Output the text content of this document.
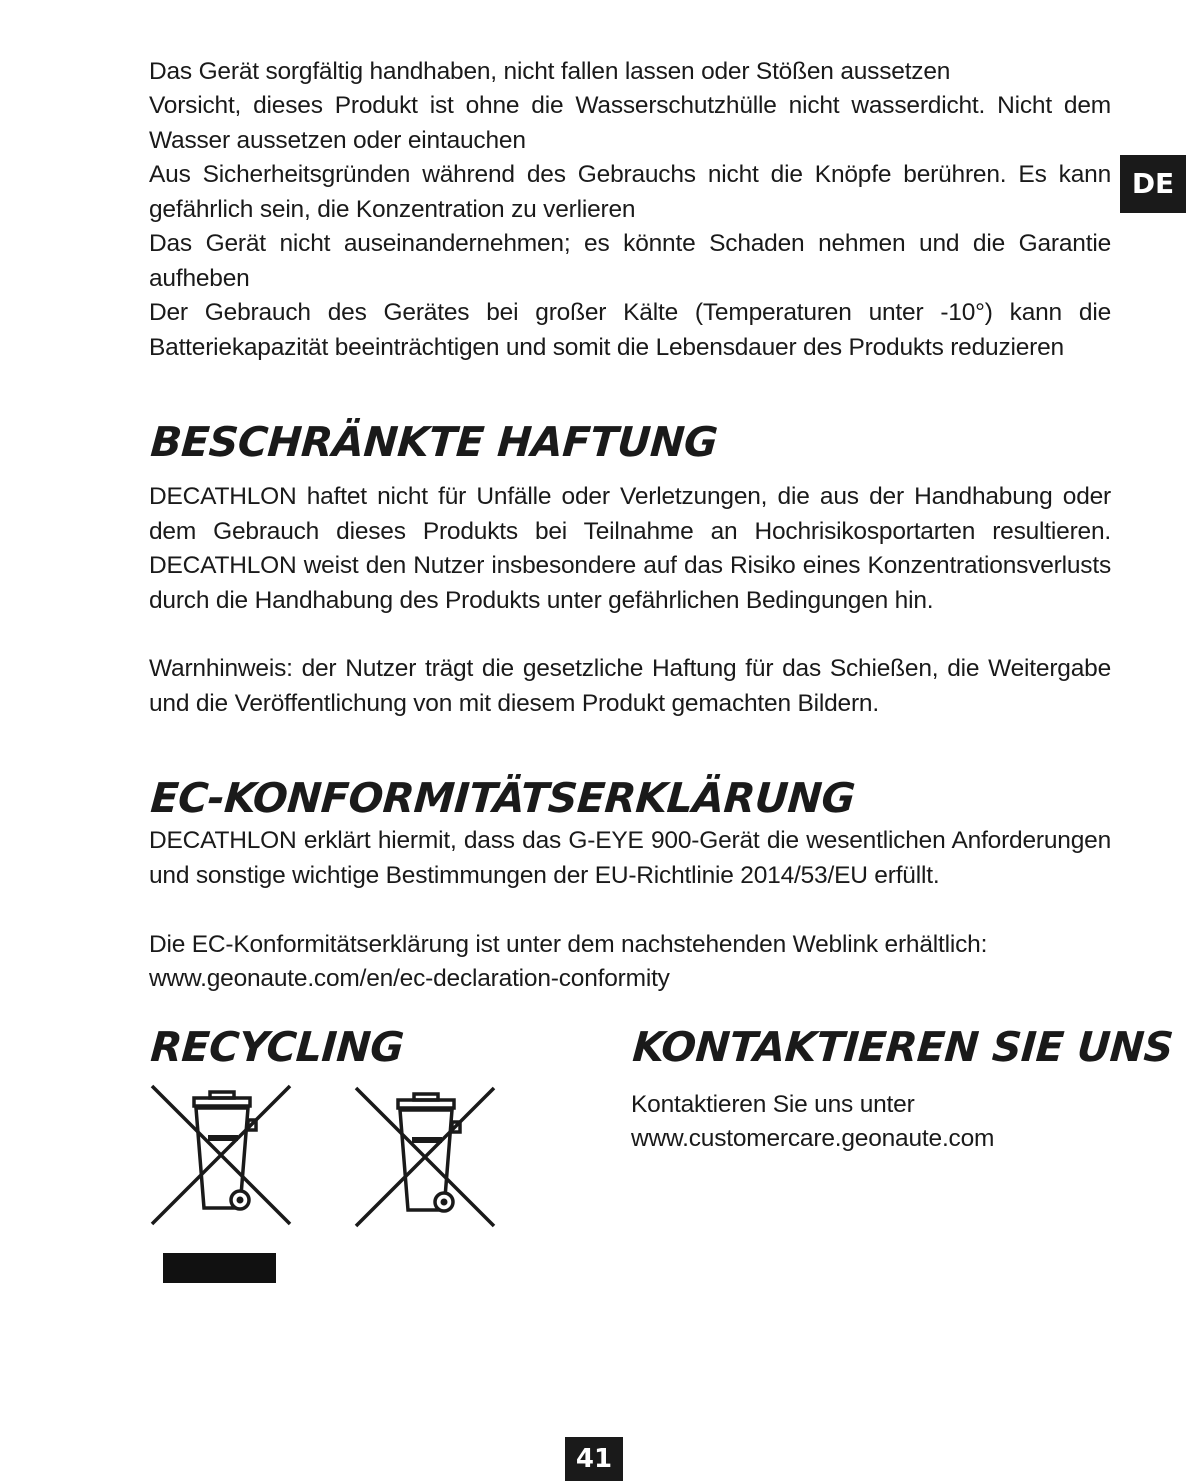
DE

Das Gerät sorgfältig handhaben, nicht fallen lassen oder Stößen aussetzen

Vorsicht, dieses Produkt ist ohne die Wasserschutzhülle nicht wasserdicht. Nicht dem Wasser aussetzen oder eintauchen

Aus Sicherheitsgründen während des Gebrauchs nicht die Knöpfe berühren. Es kann gefährlich sein, die Konzentration zu verlieren

Das Gerät nicht auseinandernehmen; es könnte Schaden nehmen und die Garantie aufheben

Der Gebrauch des Gerätes bei großer Kälte (Temperaturen unter -10°) kann die Batteriekapazität beeinträchtigen und somit die Lebensdauer des Produkts reduzieren

BESCHRÄNKTE HAFTUNG

DECATHLON haftet nicht für Unfälle oder Verletzungen, die aus der Handhabung oder dem Gebrauch dieses Produkts bei Teilnahme an Hochrisikosportarten resultieren. DECATHLON weist den Nutzer insbesondere auf das Risiko eines Konzentrationsverlusts durch die Handhabung des Produkts unter gefährlichen Bedingungen hin.

Warnhinweis: der Nutzer trägt die gesetzliche Haftung für das Schießen, die Weitergabe und die Veröffentlichung von mit diesem Produkt gemachten Bildern.

EC-KONFORMITÄTSERKLÄRUNG

DECATHLON erklärt hiermit, dass das G-EYE 900-Gerät die wesentlichen Anforderungen und sonstige wichtige Bestimmungen der EU-Richtlinie 2014/53/EU erfüllt.

Die EC-Konformitätserklärung ist unter dem nachstehenden Weblink erhältlich:

www.geonaute.com/en/ec-declaration-conformity

RECYCLING	KONTAKTIEREN SIE UNS
Kontaktieren Sie uns unter
www.customercare.geonaute.com
41
